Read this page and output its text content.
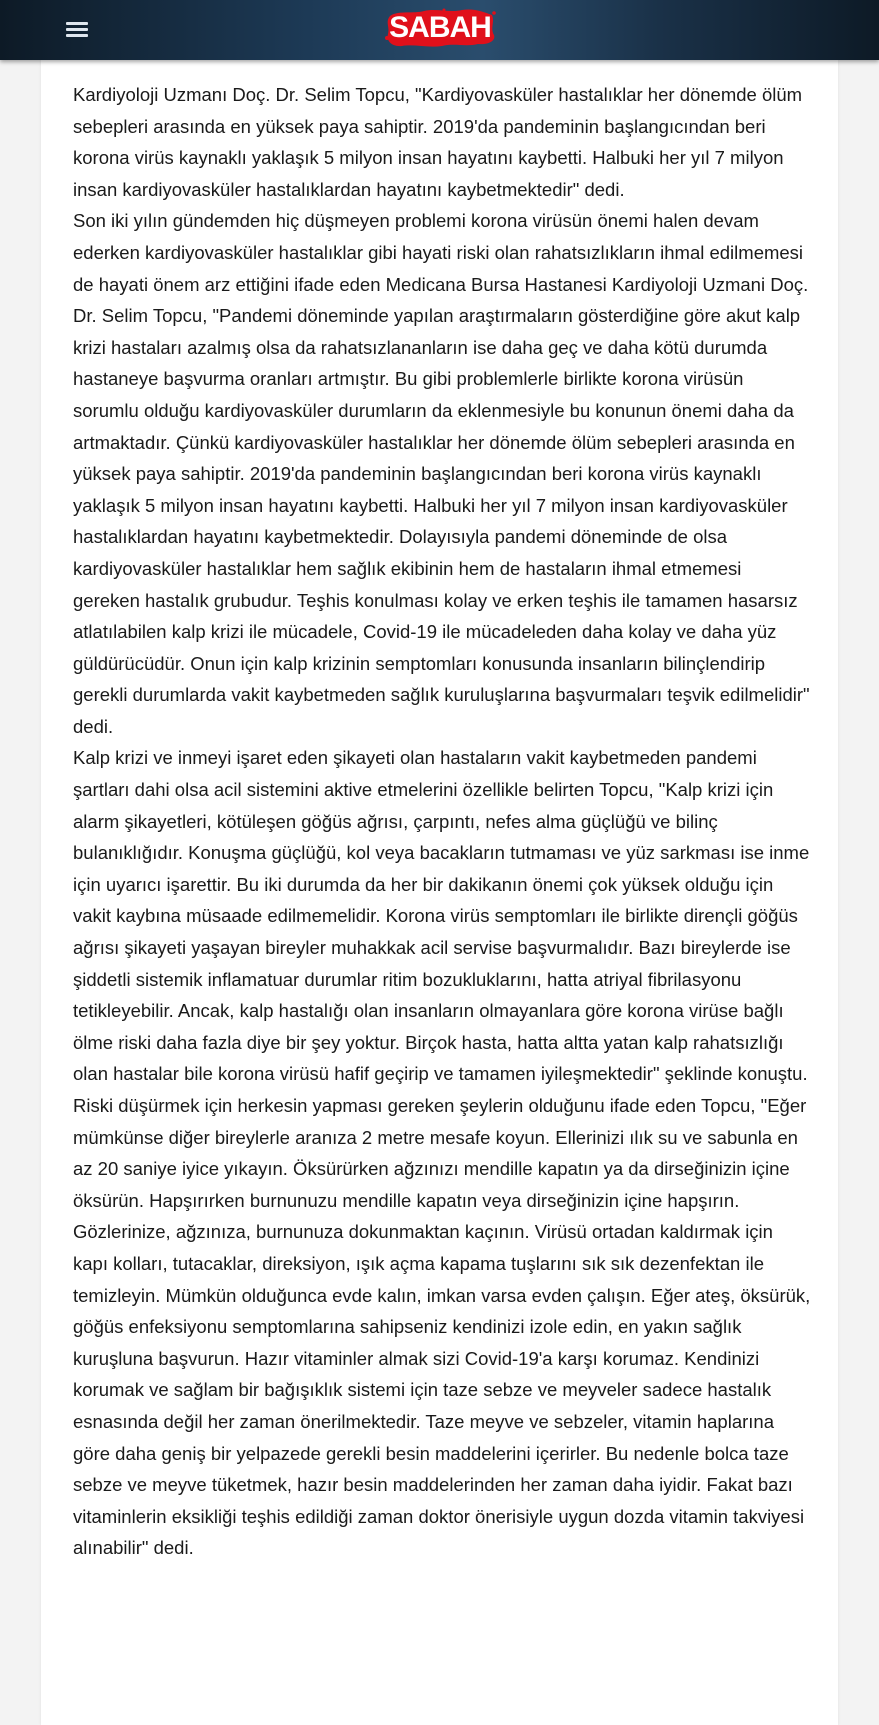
SABAH

Kardiyoloji Uzmanı Doç. Dr. Selim Topcu, "Kardiyovasküler hastalıklar her dönemde ölüm sebepleri arasında en yüksek paya sahiptir. 2019'da pandeminin başlangıcından beri korona virüs kaynaklı yaklaşık 5 milyon insan hayatını kaybetti. Halbuki her yıl 7 milyon insan kardiyovasküler hastalıklardan hayatını kaybetmektedir" dedi.

Son iki yılın gündemden hiç düşmeyen problemi korona virüsün önemi halen devam ederken kardiyovasküler hastalıklar gibi hayati riski olan rahatsızlıkların ihmal edilmemesi de hayati önem arz ettiğini ifade eden Medicana Bursa Hastanesi Kardiyoloji Uzmani Doç. Dr. Selim Topcu, "Pandemi döneminde yapılan araştırmaların gösterdiğine göre akut kalp krizi hastaları azalmış olsa da rahatsızlananların ise daha geç ve daha kötü durumda hastaneye başvurma oranları artmıştır. Bu gibi problemlerle birlikte korona virüsün sorumlu olduğu kardiyovasküler durumların da eklenmesiyle bu konunun önemi daha da artmaktadır. Çünkü kardiyovasküler hastalıklar her dönemde ölüm sebepleri arasında en yüksek paya sahiptir. 2019'da pandeminin başlangıcından beri korona virüs kaynaklı yaklaşık 5 milyon insan hayatını kaybetti. Halbuki her yıl 7 milyon insan kardiyovasküler hastalıklardan hayatını kaybetmektedir. Dolayısıyla pandemi döneminde de olsa kardiyovasküler hastalıklar hem sağlık ekibinin hem de hastaların ihmal etmemesi gereken hastalık grubudur. Teşhis konulması kolay ve erken teşhis ile tamamen hasarsız atlatılabilen kalp krizi ile mücadele, Covid-19 ile mücadeleden daha kolay ve daha yüz güldürücüdür. Onun için kalp krizinin semptomları konusunda insanların bilinçlendirip gerekli durumlarda vakit kaybetmeden sağlık kuruluşlarına başvurmaları teşvik edilmelidir" dedi.

Kalp krizi ve inmeyi işaret eden şikayeti olan hastaların vakit kaybetmeden pandemi şartları dahi olsa acil sistemini aktive etmelerini özellikle belirten Topcu, "Kalp krizi için alarm şikayetleri, kötüleşen göğüs ağrısı, çarpıntı, nefes alma güçlüğü ve bilinç bulanıklığıdır. Konuşma güçlüğü, kol veya bacakların tutmaması ve yüz sarkması ise inme için uyarıcı işarettir. Bu iki durumda da her bir dakikanın önemi çok yüksek olduğu için vakit kaybına müsaade edilmemelidir. Korona virüs semptomları ile birlikte dirençli göğüs ağrısı şikayeti yaşayan bireyler muhakkak acil servise başvurmalıdır. Bazı bireylerde ise şiddetli sistemik inflamatuar durumlar ritim bozukluklarını, hatta atriyal fibrilasyonu tetikleyebilir. Ancak, kalp hastalığı olan insanların olmayanlara göre korona virüse bağlı ölme riski daha fazla diye bir şey yoktur. Birçok hasta, hatta altta yatan kalp rahatsızlığı olan hastalar bile korona virüsü hafif geçirip ve tamamen iyileşmektedir" şeklinde konuştu.

Riski düşürmek için herkesin yapması gereken şeylerin olduğunu ifade eden Topcu, "Eğer mümkünse diğer bireylerle aranıza 2 metre mesafe koyun. Ellerinizi ılık su ve sabunla en az 20 saniye iyice yıkayın. Öksürürken ağzınızı mendille kapatın ya da dirseğinizin içine öksürün. Hapşırırken burnunuzu mendille kapatın veya dirseğinizin içine hapşırın. Gözlerinize, ağzınıza, burnunuza dokunmaktan kaçının. Virüsü ortadan kaldırmak için kapı kolları, tutacaklar, direksiyon, ışık açma kapama tuşlarını sık sık dezenfektan ile temizleyin. Mümkün olduğunca evde kalın, imkan varsa evden çalışın. Eğer ateş, öksürük, göğüs enfeksiyonu semptomlarına sahipseniz kendinizi izole edin, en yakın sağlık kuruşluna başvurun. Hazır vitaminler almak sizi Covid-19'a karşı korumaz. Kendinizi korumak ve sağlam bir bağışıklık sistemi için taze sebze ve meyveler sadece hastalık esnasında değil her zaman önerilmektedir. Taze meyve ve sebzeler, vitamin haplarına göre daha geniş bir yelpazede gerekli besin maddelerini içerirler. Bu nedenle bolca taze sebze ve meyve tüketmek, hazır besin maddelerinden her zaman daha iyidir. Fakat bazı vitaminlerin eksikliği teşhis edildiği zaman doktor önerisiyle uygun dozda vitamin takviyesi alınabilir" dedi.
